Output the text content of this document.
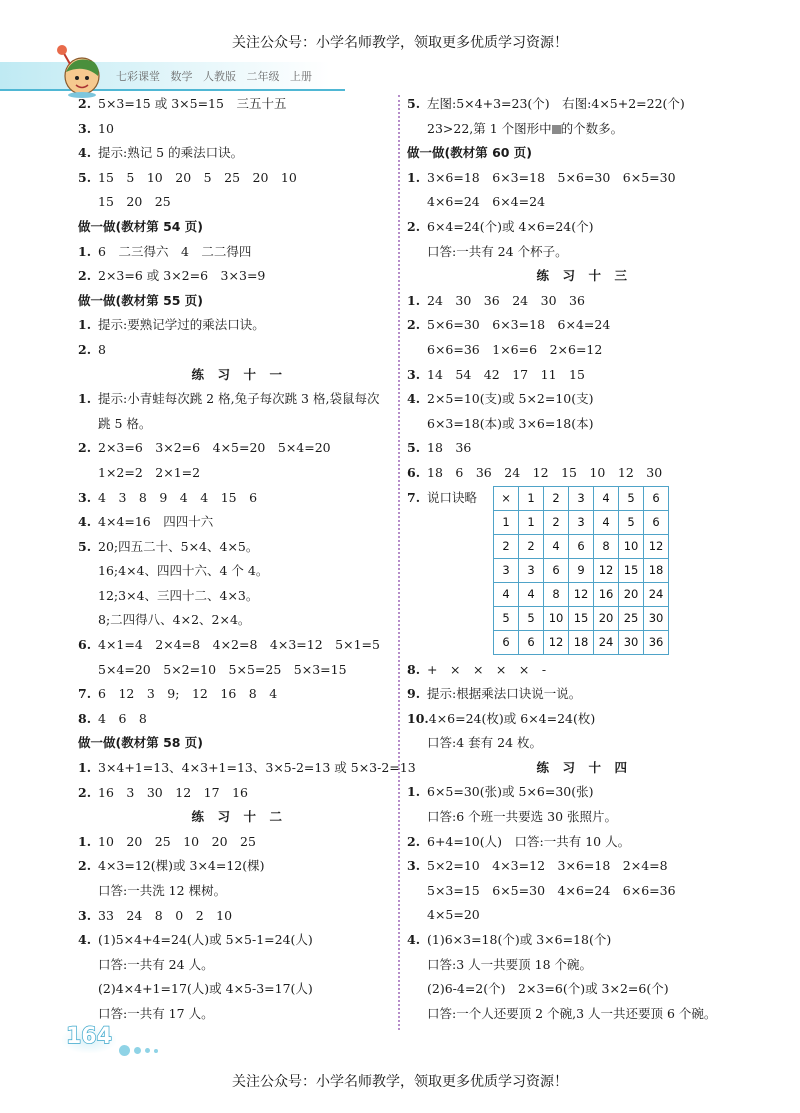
关注公众号：小学名师教学，领取更多优质学习资源！
七彩课堂 数学 人教版 二年级 上册
2. 5×3=15 或 3×5=15　三五十五
3. 10
4. 提示:熟记 5 的乘法口诀。
5. 15　5　10　20　5　25　20　10
15　20　25
做一做(教材第 54 页)
1. 6　二三得六　4　二二得四
2. 2×3=6 或 3×2=6　3×3=9
做一做(教材第 55 页)
1. 提示:要熟记学过的乘法口诀。
2. 8
练　习　十　一
1. 提示:小青蛙每次跳 2 格,兔子每次跳 3 格,袋鼠每次
跳 5 格。
2. 2×3=6　3×2=6　4×5=20　5×4=20
1×2=2　2×1=2
3. 4　3　8　9　4　4　15　6
4. 4×4=16　四四十六
5. 20;四五二十、5×4、4×5。
16;4×4、四四十六、4 个 4。
12;3×4、三四十二、4×3。
8;二四得八、4×2、2×4。
6. 4×1=4　2×4=8　4×2=8　4×3=12　5×1=5
5×4=20　5×2=10　5×5=25　5×3=15
7. 6　12　3　9;　12　16　8　4
8. 4　6　8
做一做(教材第 58 页)
1. 3×4+1=13、4×3+1=13、3×5-2=13 或 5×3-2=13
2. 16　3　30　12　17　16
练　习　十　二
1. 10　20　25　10　20　25
2. 4×3=12(棵)或 3×4=12(棵)
口答:一共洗 12 棵树。
3. 33　24　8　0　2　10
4. (1)5×4+4=24(人)或 5×5-1=24(人)
口答:一共有 24 人。
(2)4×4+1=17(人)或 4×5-3=17(人)
口答:一共有 17 人。
5. 左图:5×4+3=23(个)　右图:4×5+2=22(个)
23>22,第 1 个图形中 的个数多。
做一做(教材第 60 页)
1. 3×6=18　6×3=18　5×6=30　6×5=30
4×6=24　6×4=24
2. 6×4=24(个)或 4×6=24(个)
口答:一共有 24 个杯子。
练　习　十　三
1. 24　30　36　24　30　36
2. 5×6=30　6×3=18　6×4=24
6×6=36　1×6=6　2×6=12
3. 14　54　42　17　11　15
4. 2×5=10(支)或 5×2=10(支)
6×3=18(本)或 3×6=18(本)
5. 18　36
6. 18　6　36　24　12　15　10　12　30
7. 说口诀略 ×	1	2	3	4	5	6
1	1	2	3	4	5	6
2	2	4	6	8	10	12
3	3	6	9	12	15	18
4	4	8	12	16	20	24
5	5	10	15	20	25	30
6	6	12	18	24	30	36
8. +　×　×　×　×　-
9. 提示:根据乘法口诀说一说。
10.4×6=24(枚)或 6×4=24(枚)
口答:4 套有 24 枚。
练　习　十　四
1. 6×5=30(张)或 5×6=30(张)
口答:6 个班一共要选 30 张照片。
2. 6+4=10(人)　口答:一共有 10 人。
3. 5×2=10　4×3=12　3×6=18　2×4=8
5×3=15　6×5=30　4×6=24　6×6=36
4×5=20
4. (1)6×3=18(个)或 3×6=18(个)
口答:3 人一共要顶 18 个碗。
(2)6-4=2(个)　2×3=6(个)或 3×2=6(个)
口答:一个人还要顶 2 个碗,3 人一共还要顶 6 个碗。
164
关注公众号：小学名师教学，领取更多优质学习资源！
